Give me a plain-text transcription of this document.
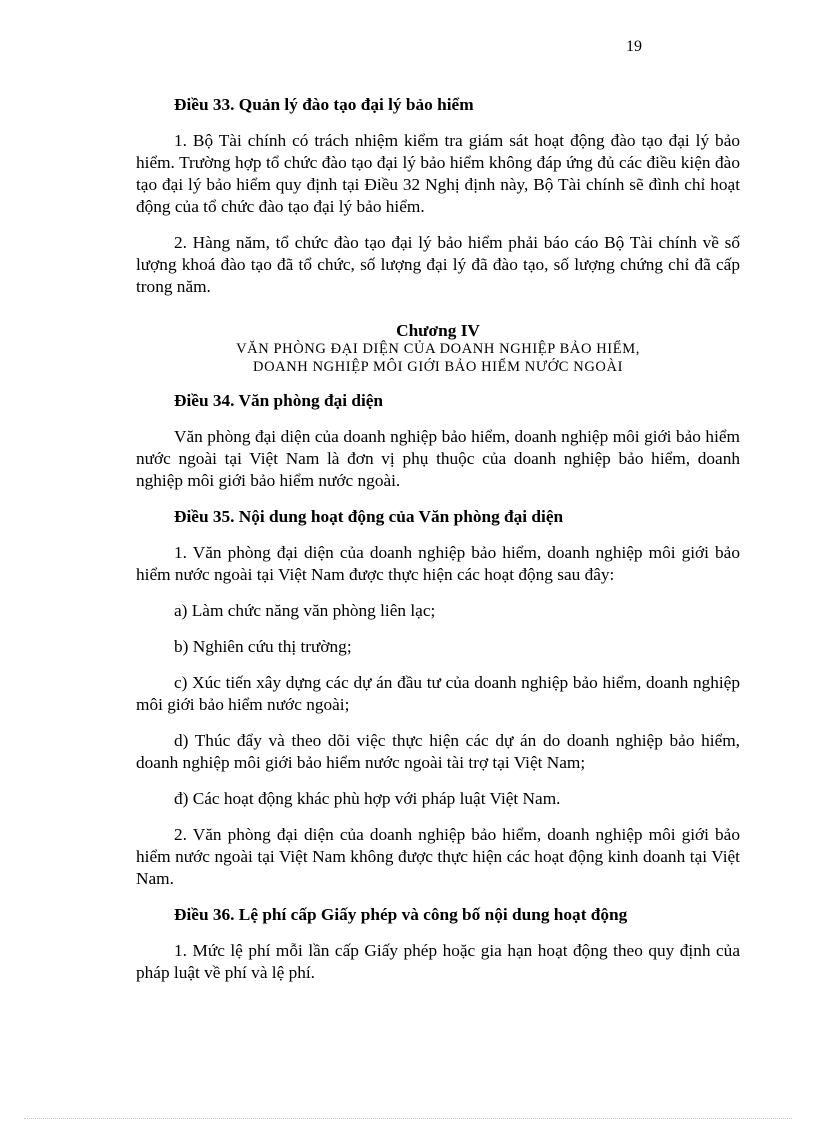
19
Điều 33. Quản lý đào tạo đại lý bảo hiểm

1. Bộ Tài chính có trách nhiệm kiểm tra giám sát hoạt động đào tạo đại lý bảo hiểm. Trường hợp tổ chức đào tạo đại lý bảo hiểm không đáp ứng đủ các điều kiện đào tạo đại lý bảo hiểm quy định tại Điều 32 Nghị định này, Bộ Tài chính sẽ đình chỉ hoạt động của tổ chức đào tạo đại lý bảo hiểm.

2. Hàng năm, tổ chức đào tạo đại lý bảo hiểm phải báo cáo Bộ Tài chính về số lượng khoá đào tạo đã tổ chức, số lượng đại lý đã đào tạo, số lượng chứng chỉ đã cấp trong năm.

Chương IV
VĂN PHÒNG ĐẠI DIỆN CỦA DOANH NGHIỆP BẢO HIỂM,
DOANH NGHIỆP MÔI GIỚI BẢO HIỂM NƯỚC NGOÀI
Điều 34. Văn phòng đại diện

Văn phòng đại diện của doanh nghiệp bảo hiểm, doanh nghiệp môi giới bảo hiểm nước ngoài tại Việt Nam là đơn vị phụ thuộc của doanh nghiệp bảo hiểm, doanh nghiệp môi giới bảo hiểm nước ngoài.

Điều 35. Nội dung hoạt động của Văn phòng đại diện

1. Văn phòng đại diện của doanh nghiệp bảo hiểm, doanh nghiệp môi giới bảo hiểm nước ngoài tại Việt Nam được thực hiện các hoạt động sau đây:

a) Làm chức năng văn phòng liên lạc;
b) Nghiên cứu thị trường;

c) Xúc tiến xây dựng các dự án đầu tư của doanh nghiệp bảo hiểm, doanh nghiệp môi giới bảo hiểm nước ngoài;

d) Thúc đẩy và theo dõi việc thực hiện các dự án do doanh nghiệp bảo hiểm, doanh nghiệp môi giới bảo hiểm nước ngoài tài trợ tại Việt Nam;

đ) Các hoạt động khác phù hợp với pháp luật Việt Nam.

2. Văn phòng đại diện của doanh nghiệp bảo hiểm, doanh nghiệp môi giới bảo hiểm nước ngoài tại Việt Nam không được thực hiện các hoạt động kinh doanh tại Việt Nam.

Điều 36. Lệ phí cấp Giấy phép và công bố nội dung hoạt động

1. Mức lệ phí mỗi lần cấp Giấy phép hoặc gia hạn hoạt động theo quy định của pháp luật về phí và lệ phí.
